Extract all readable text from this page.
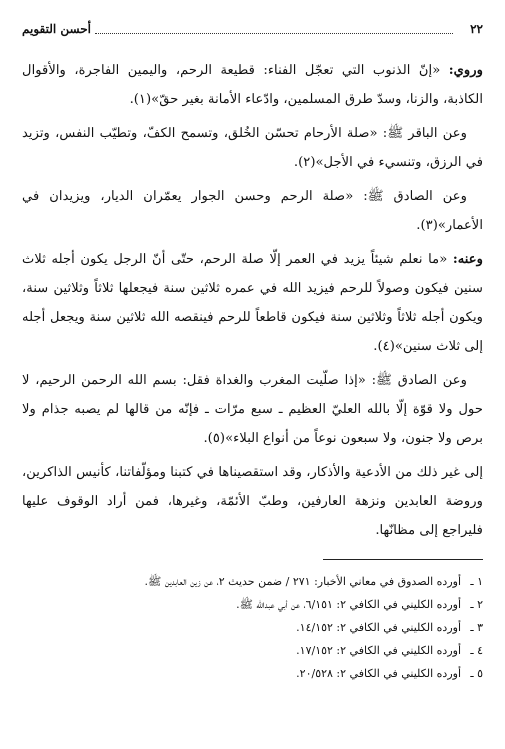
٢٢
أحسن التقويم

وروي: «إنّ الذنوب التي تعجّل الفناء: قطيعة الرحم، واليمين الفاجرة، والأقوال الكاذبة، والزنا، وسدّ طرق المسلمين، وادّعاء الأمانة بغير حقّ»(١).

وعن الباقر ﷺ: «صلة الأرحام تحسّن الخُلق، وتسمح الكفّ، وتطيّب النفس، وتزيد في الرزق، وتنسيء في الأجل»(٢).

وعن الصادق ﷺ: «صلة الرحم وحسن الجوار يعمّران الديار، ويزيدان في الأعمار»(٣).

وعنه: «ما نعلم شيئاً يزيد في العمر إلّا صلة الرحم، حتّى أنّ الرجل يكون أجله ثلاث سنين فيكون وصولاً للرحم فيزيد الله في عمره ثلاثين سنة فيجعلها ثلاثاً وثلاثين سنة، ويكون أجله ثلاثاً وثلاثين سنة فيكون قاطعاً للرحم فينقصه الله ثلاثين سنة ويجعل أجله إلى ثلاث سنين»(٤).

وعن الصادق ﷺ: «إذا صلّيت المغرب والغداة فقل: بسم الله الرحمن الرحيم، لا حول ولا قوّة إلّا بالله العليّ العظيم ـ سبع مرّات ـ فإنّه من قالها لم يصبه جذام ولا برص ولا جنون، ولا سبعون نوعاً من أنواع البلاء»(٥).

إلى غير ذلك من الأدعية والأذكار، وقد استقصيناها في كتبنا ومؤلّفاتنا، كأنيس الذاكرين، وروضة العابدين ونزهة العارفين، وطبّ الأئمّة، وغيرها، فمن أراد الوقوف عليها فليراجع إلى مظانّها.

١ ـ
أورده الصدوق في معاني الأخبار: ٢٧١ / ضمن حديث ٢، عن زين العابدين ﷺ.
٢ ـ
أورده الكليني في الكافي ٢: ٦/١٥١، عن أبي عبدالله ﷺ.
٣ ـ
أورده الكليني في الكافي ٢: ١٤/١٥٢.
٤ ـ
أورده الكليني في الكافي ٢: ١٧/١٥٢.
٥ ـ
أورده الكليني في الكافي ٢: ٢٠/٥٢٨.
